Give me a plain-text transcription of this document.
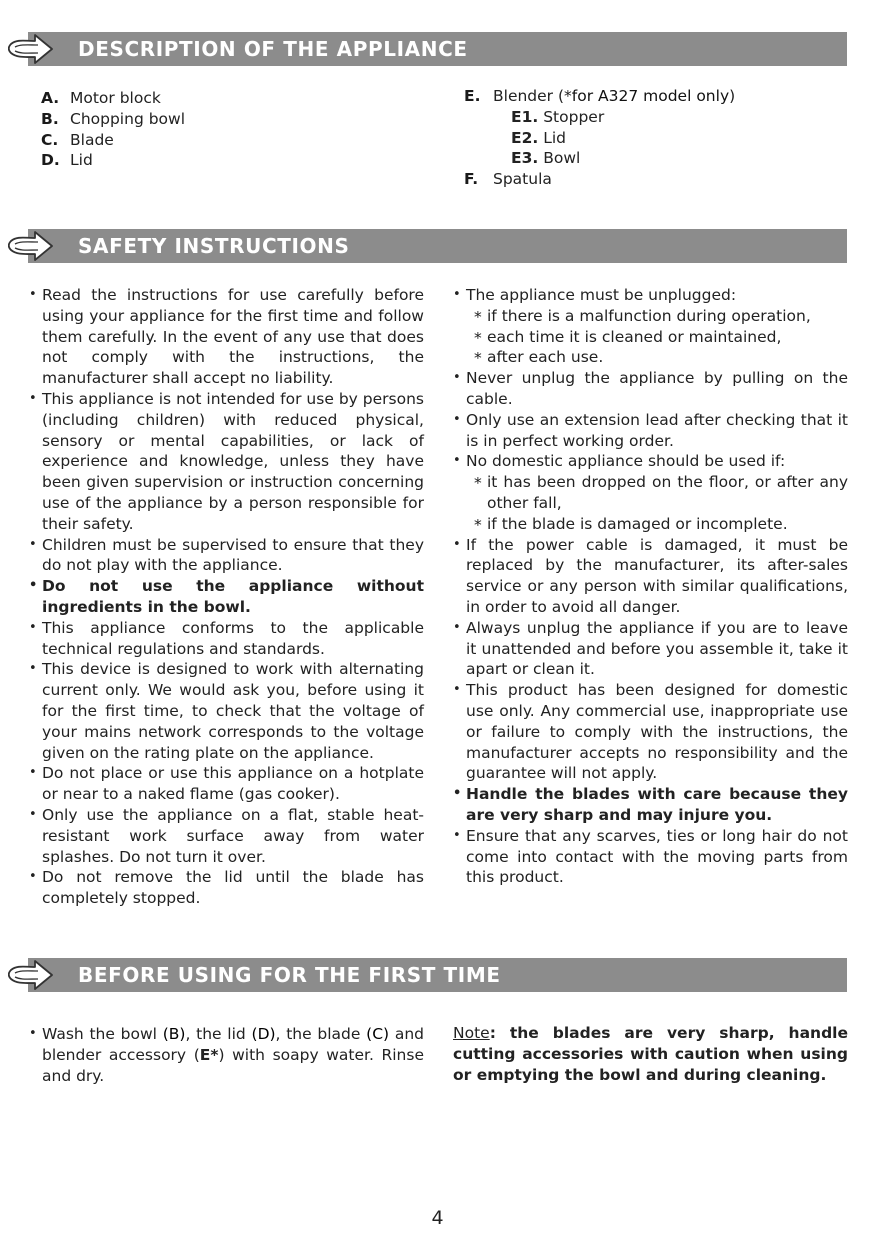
DESCRIPTION OF THE APPLIANCE
A. Motor block
B. Chopping bowl
C. Blade
D. Lid
E. Blender (*for A327 model only)
E1. Stopper
E2. Lid
E3. Bowl
F. Spatula
SAFETY INSTRUCTIONS
• Read the instructions for use carefully before using your appliance for the first time and follow them carefully. In the event of any use that does not comply with the instructions, the manufacturer shall accept no liability.
• This appliance is not intended for use by persons (including children) with reduced physical, sensory or mental capabilities, or lack of experience and knowledge, unless they have been given supervision or instruction concerning use of the appliance by a person responsible for their safety.
• Children must be supervised to ensure that they do not play with the appliance.
• Do not use the appliance without ingredients in the bowl.
• This appliance conforms to the applicable technical regulations and standards.
• This device is designed to work with alternating current only. We would ask you, before using it for the first time, to check that the voltage of your mains network corresponds to the voltage given on the rating plate on the appliance.
• Do not place or use this appliance on a hotplate or near to a naked flame (gas cooker).
• Only use the appliance on a flat, stable heat-resistant work surface away from water splashes. Do not turn it over.
• Do not remove the lid until the blade has completely stopped.
• The appliance must be unplugged:
* if there is a malfunction during operation,
* each time it is cleaned or maintained,
* after each use.
• Never unplug the appliance by pulling on the cable.
• Only use an extension lead after checking that it is in perfect working order.
• No domestic appliance should be used if:
* it has been dropped on the floor, or after any other fall,
* if the blade is damaged or incomplete.
• If the power cable is damaged, it must be replaced by the manufacturer, its after-sales service or any person with similar qualifications, in order to avoid all danger.
• Always unplug the appliance if you are to leave it unattended and before you assemble it, take it apart or clean it.
• This product has been designed for domestic use only. Any commercial use, inappropriate use or failure to comply with the instructions, the manufacturer accepts no responsibility and the guarantee will not apply.
• Handle the blades with care because they are very sharp and may injure you.
• Ensure that any scarves, ties or long hair do not come into contact with the moving parts from this product.
BEFORE USING FOR THE FIRST TIME
• Wash the bowl (B), the lid (D), the blade (C) and blender accessory (E*) with soapy water. Rinse and dry.
Note: the blades are very sharp, handle cutting accessories with caution when using or emptying the bowl and during cleaning.
4
